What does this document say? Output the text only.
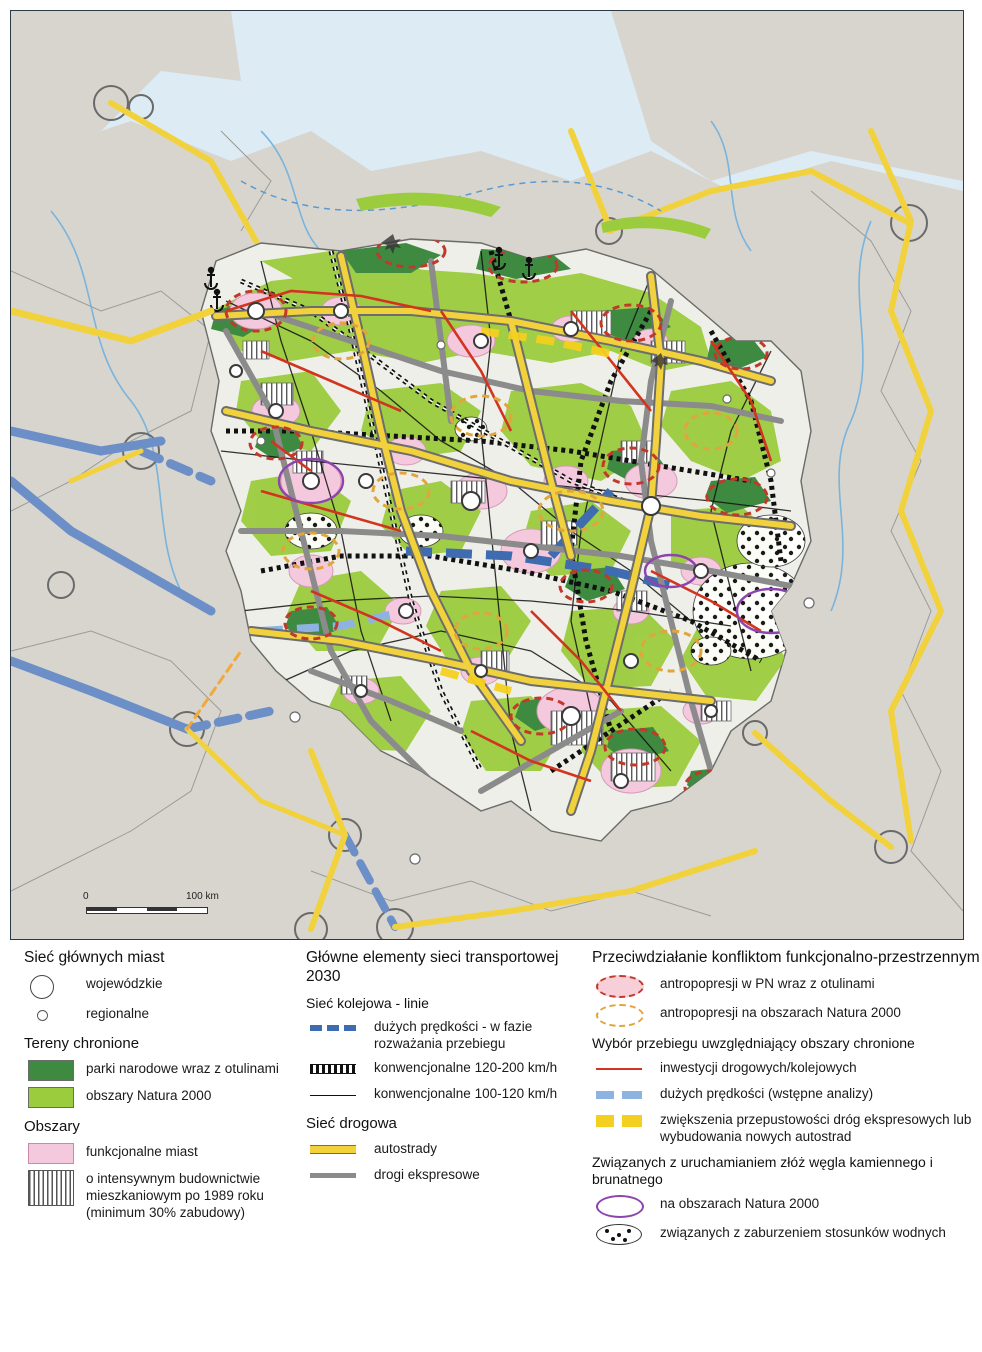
0	100 km
Sieć głównych miast
wojewódzkie
regionalne
Tereny chronione
parki narodowe wraz z otulinami
obszary Natura 2000
Obszary
funkcjonalne miast
o intensywnym budownictwie mieszkaniowym po 1989 roku (minimum 30% zabudowy)
Główne elementy sieci transportowej 2030
Sieć kolejowa - linie
dużych prędkości - w fazie rozważania przebiegu
konwencjonalne 120-200 km/h
konwencjonalne 100-120 km/h
Sieć drogowa
autostrady
drogi ekspresowe
Przeciwdziałanie konfliktom funkcjonalno-przestrzennym
antropopresji w PN wraz z otulinami
antropopresji na obszarach Natura 2000
Wybór przebiegu uwzględniający obszary chronione
inwestycji drogowych/kolejowych
dużych prędkości (wstępne analizy)
zwiększenia przepustowości dróg ekspresowych lub wybudowania nowych autostrad
Związanych z uruchamianiem złóż węgla kamiennego i brunatnego
na obszarach Natura 2000
związanych z zaburzeniem stosunków wodnych
